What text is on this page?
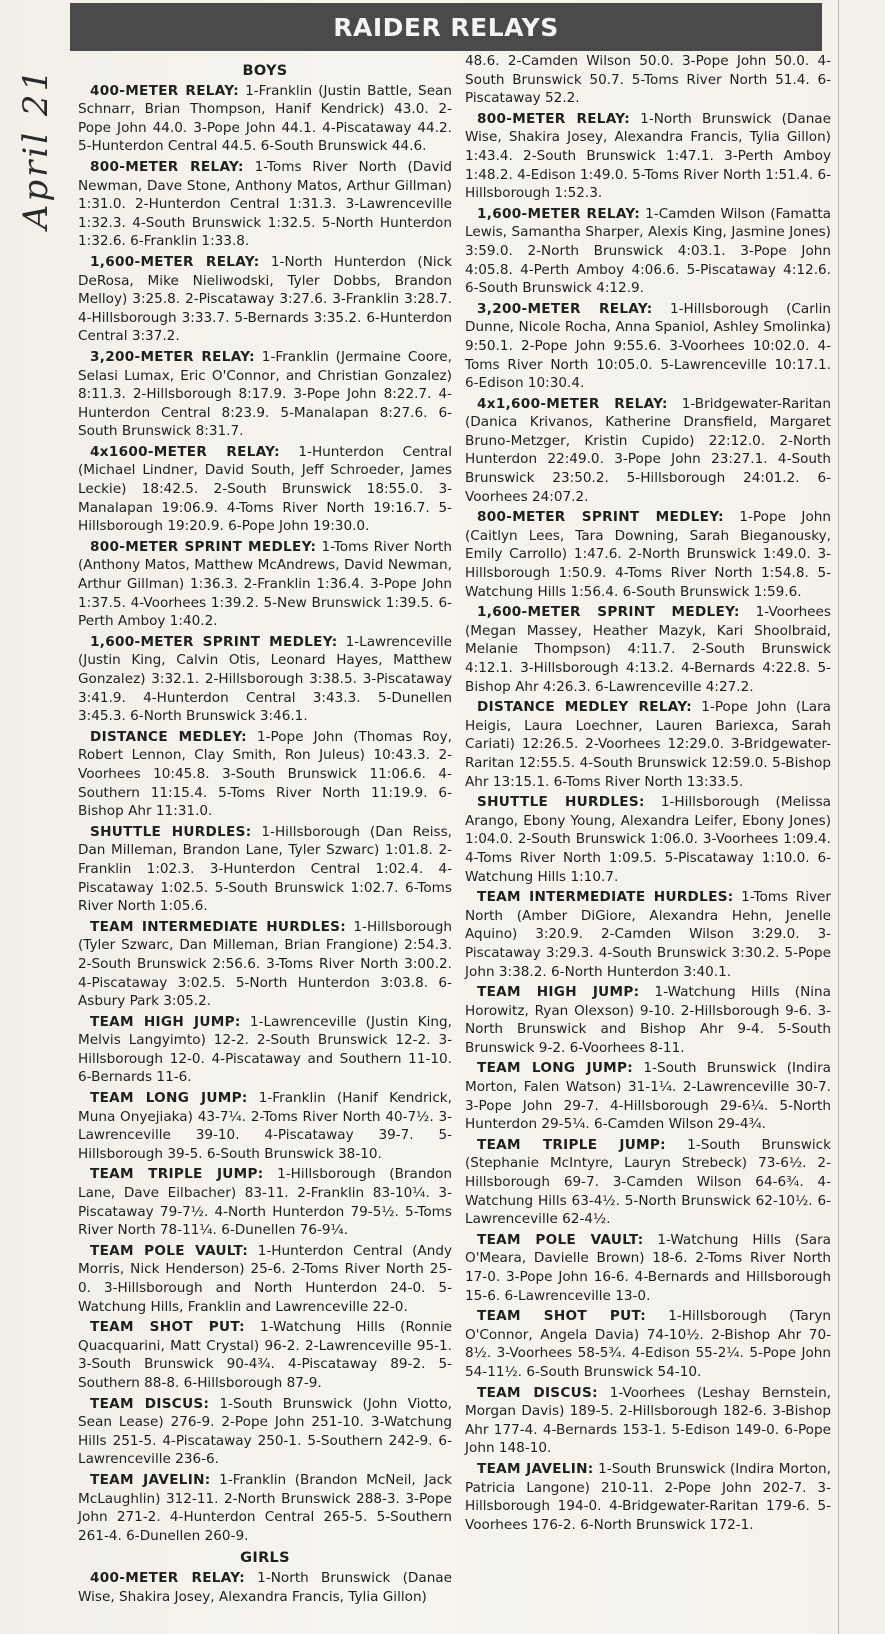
RAIDER RELAYS
April 21	BOYS

400-METER RELAY: 1-Franklin (Justin Battle, Sean Schnarr, Brian Thompson, Hanif Kendrick) 43.0. 2-Pope John 44.0. 3-Pope John 44.1. 4-Piscataway 44.2. 5-Hunterdon Central 44.5. 6-South Brunswick 44.6.

800-METER RELAY: 1-Toms River North (David Newman, Dave Stone, Anthony Matos, Arthur Gillman) 1:31.0. 2-Hunterdon Central 1:31.3. 3-Lawrenceville 1:32.3. 4-South Brunswick 1:32.5. 5-North Hunterdon 1:32.6. 6-Franklin 1:33.8.

1,600-METER RELAY: 1-North Hunterdon (Nick DeRosa, Mike Nieliwodski, Tyler Dobbs, Brandon Melloy) 3:25.8. 2-Piscataway 3:27.6. 3-Franklin 3:28.7. 4-Hillsborough 3:33.7. 5-Bernards 3:35.2. 6-Hunterdon Central 3:37.2.

3,200-METER RELAY: 1-Franklin (Jermaine Coore, Selasi Lumax, Eric O'Connor, and Christian Gonzalez) 8:11.3. 2-Hillsborough 8:17.9. 3-Pope John 8:22.7. 4-Hunterdon Central 8:23.9. 5-Manalapan 8:27.6. 6-South Brunswick 8:31.7.

4x1600-METER RELAY: 1-Hunterdon Central (Michael Lindner, David South, Jeff Schroeder, James Leckie) 18:42.5. 2-South Brunswick 18:55.0. 3-Manalapan 19:06.9. 4-Toms River North 19:16.7. 5-Hillsborough 19:20.9. 6-Pope John 19:30.0.

800-METER SPRINT MEDLEY: 1-Toms River North (Anthony Matos, Matthew McAndrews, David Newman, Arthur Gillman) 1:36.3. 2-Franklin 1:36.4. 3-Pope John 1:37.5. 4-Voorhees 1:39.2. 5-New Brunswick 1:39.5. 6-Perth Amboy 1:40.2.

1,600-METER SPRINT MEDLEY: 1-Lawrenceville (Justin King, Calvin Otis, Leonard Hayes, Matthew Gonzalez) 3:32.1. 2-Hillsborough 3:38.5. 3-Piscataway 3:41.9. 4-Hunterdon Central 3:43.3. 5-Dunellen 3:45.3. 6-North Brunswick 3:46.1.

DISTANCE MEDLEY: 1-Pope John (Thomas Roy, Robert Lennon, Clay Smith, Ron Juleus) 10:43.3. 2-Voorhees 10:45.8. 3-South Brunswick 11:06.6. 4-Southern 11:15.4. 5-Toms River North 11:19.9. 6-Bishop Ahr 11:31.0.

SHUTTLE HURDLES: 1-Hillsborough (Dan Reiss, Dan Milleman, Brandon Lane, Tyler Szwarc) 1:01.8. 2-Franklin 1:02.3. 3-Hunterdon Central 1:02.4. 4-Piscataway 1:02.5. 5-South Brunswick 1:02.7. 6-Toms River North 1:05.6.

TEAM INTERMEDIATE HURDLES: 1-Hillsborough (Tyler Szwarc, Dan Milleman, Brian Frangione) 2:54.3. 2-South Brunswick 2:56.6. 3-Toms River North 3:00.2. 4-Piscataway 3:02.5. 5-North Hunterdon 3:03.8. 6-Asbury Park 3:05.2.

TEAM HIGH JUMP: 1-Lawrenceville (Justin King, Melvis Langyimto) 12-2. 2-South Brunswick 12-2. 3-Hillsborough 12-0. 4-Piscataway and Southern 11-10. 6-Bernards 11-6.

TEAM LONG JUMP: 1-Franklin (Hanif Kendrick, Muna Onyejiaka) 43-7¼. 2-Toms River North 40-7½. 3-Lawrenceville 39-10. 4-Piscataway 39-7. 5-Hillsborough 39-5. 6-South Brunswick 38-10.

TEAM TRIPLE JUMP: 1-Hillsborough (Brandon Lane, Dave Eilbacher) 83-11. 2-Franklin 83-10¼. 3-Piscataway 79-7½. 4-North Hunterdon 79-5½. 5-Toms River North 78-11¼. 6-Dunellen 76-9¼.

TEAM POLE VAULT: 1-Hunterdon Central (Andy Morris, Nick Henderson) 25-6. 2-Toms River North 25-0. 3-Hillsborough and North Hunterdon 24-0. 5-Watchung Hills, Franklin and Lawrenceville 22-0.

TEAM SHOT PUT: 1-Watchung Hills (Ronnie Quacquarini, Matt Crystal) 96-2. 2-Lawrenceville 95-1. 3-South Brunswick 90-4¾. 4-Piscataway 89-2. 5-Southern 88-8. 6-Hillsborough 87-9.

TEAM DISCUS: 1-South Brunswick (John Viotto, Sean Lease) 276-9. 2-Pope John 251-10. 3-Watchung Hills 251-5. 4-Piscataway 250-1. 5-Southern 242-9. 6-Lawrenceville 236-6.

TEAM JAVELIN: 1-Franklin (Brandon McNeil, Jack McLaughlin) 312-11. 2-North Brunswick 288-3. 3-Pope John 271-2. 4-Hunterdon Central 265-5. 5-Southern 261-4. 6-Dunellen 260-9.

GIRLS

400-METER RELAY: 1-North Brunswick (Danae Wise, Shakira Josey, Alexandra Francis, Tylia Gillon)

48.6. 2-Camden Wilson 50.0. 3-Pope John 50.0. 4-South Brunswick 50.7. 5-Toms River North 51.4. 6-Piscataway 52.2.

800-METER RELAY: 1-North Brunswick (Danae Wise, Shakira Josey, Alexandra Francis, Tylia Gillon) 1:43.4. 2-South Brunswick 1:47.1. 3-Perth Amboy 1:48.2. 4-Edison 1:49.0. 5-Toms River North 1:51.4. 6-Hillsborough 1:52.3.

1,600-METER RELAY: 1-Camden Wilson (Famatta Lewis, Samantha Sharper, Alexis King, Jasmine Jones) 3:59.0. 2-North Brunswick 4:03.1. 3-Pope John 4:05.8. 4-Perth Amboy 4:06.6. 5-Piscataway 4:12.6. 6-South Brunswick 4:12.9.

3,200-METER RELAY: 1-Hillsborough (Carlin Dunne, Nicole Rocha, Anna Spaniol, Ashley Smolinka) 9:50.1. 2-Pope John 9:55.6. 3-Voorhees 10:02.0. 4-Toms River North 10:05.0. 5-Lawrenceville 10:17.1. 6-Edison 10:30.4.

4x1,600-METER RELAY: 1-Bridgewater-Raritan (Danica Krivanos, Katherine Dransfield, Margaret Bruno-Metzger, Kristin Cupido) 22:12.0. 2-North Hunterdon 22:49.0. 3-Pope John 23:27.1. 4-South Brunswick 23:50.2. 5-Hillsborough 24:01.2. 6-Voorhees 24:07.2.

800-METER SPRINT MEDLEY: 1-Pope John (Caitlyn Lees, Tara Downing, Sarah Bieganousky, Emily Carrollo) 1:47.6. 2-North Brunswick 1:49.0. 3-Hillsborough 1:50.9. 4-Toms River North 1:54.8. 5-Watchung Hills 1:56.4. 6-South Brunswick 1:59.6.

1,600-METER SPRINT MEDLEY: 1-Voorhees (Megan Massey, Heather Mazyk, Kari Shoolbraid, Melanie Thompson) 4:11.7. 2-South Brunswick 4:12.1. 3-Hillsborough 4:13.2. 4-Bernards 4:22.8. 5-Bishop Ahr 4:26.3. 6-Lawrenceville 4:27.2.

DISTANCE MEDLEY RELAY: 1-Pope John (Lara Heigis, Laura Loechner, Lauren Bariexca, Sarah Cariati) 12:26.5. 2-Voorhees 12:29.0. 3-Bridgewater-Raritan 12:55.5. 4-South Brunswick 12:59.0. 5-Bishop Ahr 13:15.1. 6-Toms River North 13:33.5.

SHUTTLE HURDLES: 1-Hillsborough (Melissa Arango, Ebony Young, Alexandra Leifer, Ebony Jones) 1:04.0. 2-South Brunswick 1:06.0. 3-Voorhees 1:09.4. 4-Toms River North 1:09.5. 5-Piscataway 1:10.0. 6-Watchung Hills 1:10.7.

TEAM INTERMEDIATE HURDLES: 1-Toms River North (Amber DiGiore, Alexandra Hehn, Jenelle Aquino) 3:20.9. 2-Camden Wilson 3:29.0. 3-Piscataway 3:29.3. 4-South Brunswick 3:30.2. 5-Pope John 3:38.2. 6-North Hunterdon 3:40.1.

TEAM HIGH JUMP: 1-Watchung Hills (Nina Horowitz, Ryan Olexson) 9-10. 2-Hillsborough 9-6. 3-North Brunswick and Bishop Ahr 9-4. 5-South Brunswick 9-2. 6-Voorhees 8-11.

TEAM LONG JUMP: 1-South Brunswick (Indira Morton, Falen Watson) 31-1¼. 2-Lawrenceville 30-7. 3-Pope John 29-7. 4-Hillsborough 29-6¼. 5-North Hunterdon 29-5¼. 6-Camden Wilson 29-4¾.

TEAM TRIPLE JUMP: 1-South Brunswick (Stephanie McIntyre, Lauryn Strebeck) 73-6½. 2-Hillsborough 69-7. 3-Camden Wilson 64-6¾. 4-Watchung Hills 63-4½. 5-North Brunswick 62-10½. 6-Lawrenceville 62-4½.

TEAM POLE VAULT: 1-Watchung Hills (Sara O'Meara, Davielle Brown) 18-6. 2-Toms River North 17-0. 3-Pope John 16-6. 4-Bernards and Hillsborough 15-6. 6-Lawrenceville 13-0.

TEAM SHOT PUT: 1-Hillsborough (Taryn O'Connor, Angela Davia) 74-10½. 2-Bishop Ahr 70-8½. 3-Voorhees 58-5¾. 4-Edison 55-2¼. 5-Pope John 54-11½. 6-South Brunswick 54-10.

TEAM DISCUS: 1-Voorhees (Leshay Bernstein, Morgan Davis) 189-5. 2-Hillsborough 182-6. 3-Bishop Ahr 177-4. 4-Bernards 153-1. 5-Edison 149-0. 6-Pope John 148-10.

TEAM JAVELIN: 1-South Brunswick (Indira Morton, Patricia Langone) 210-11. 2-Pope John 202-7. 3-Hillsborough 194-0. 4-Bridgewater-Raritan 179-6. 5-Voorhees 176-2. 6-North Brunswick 172-1.
